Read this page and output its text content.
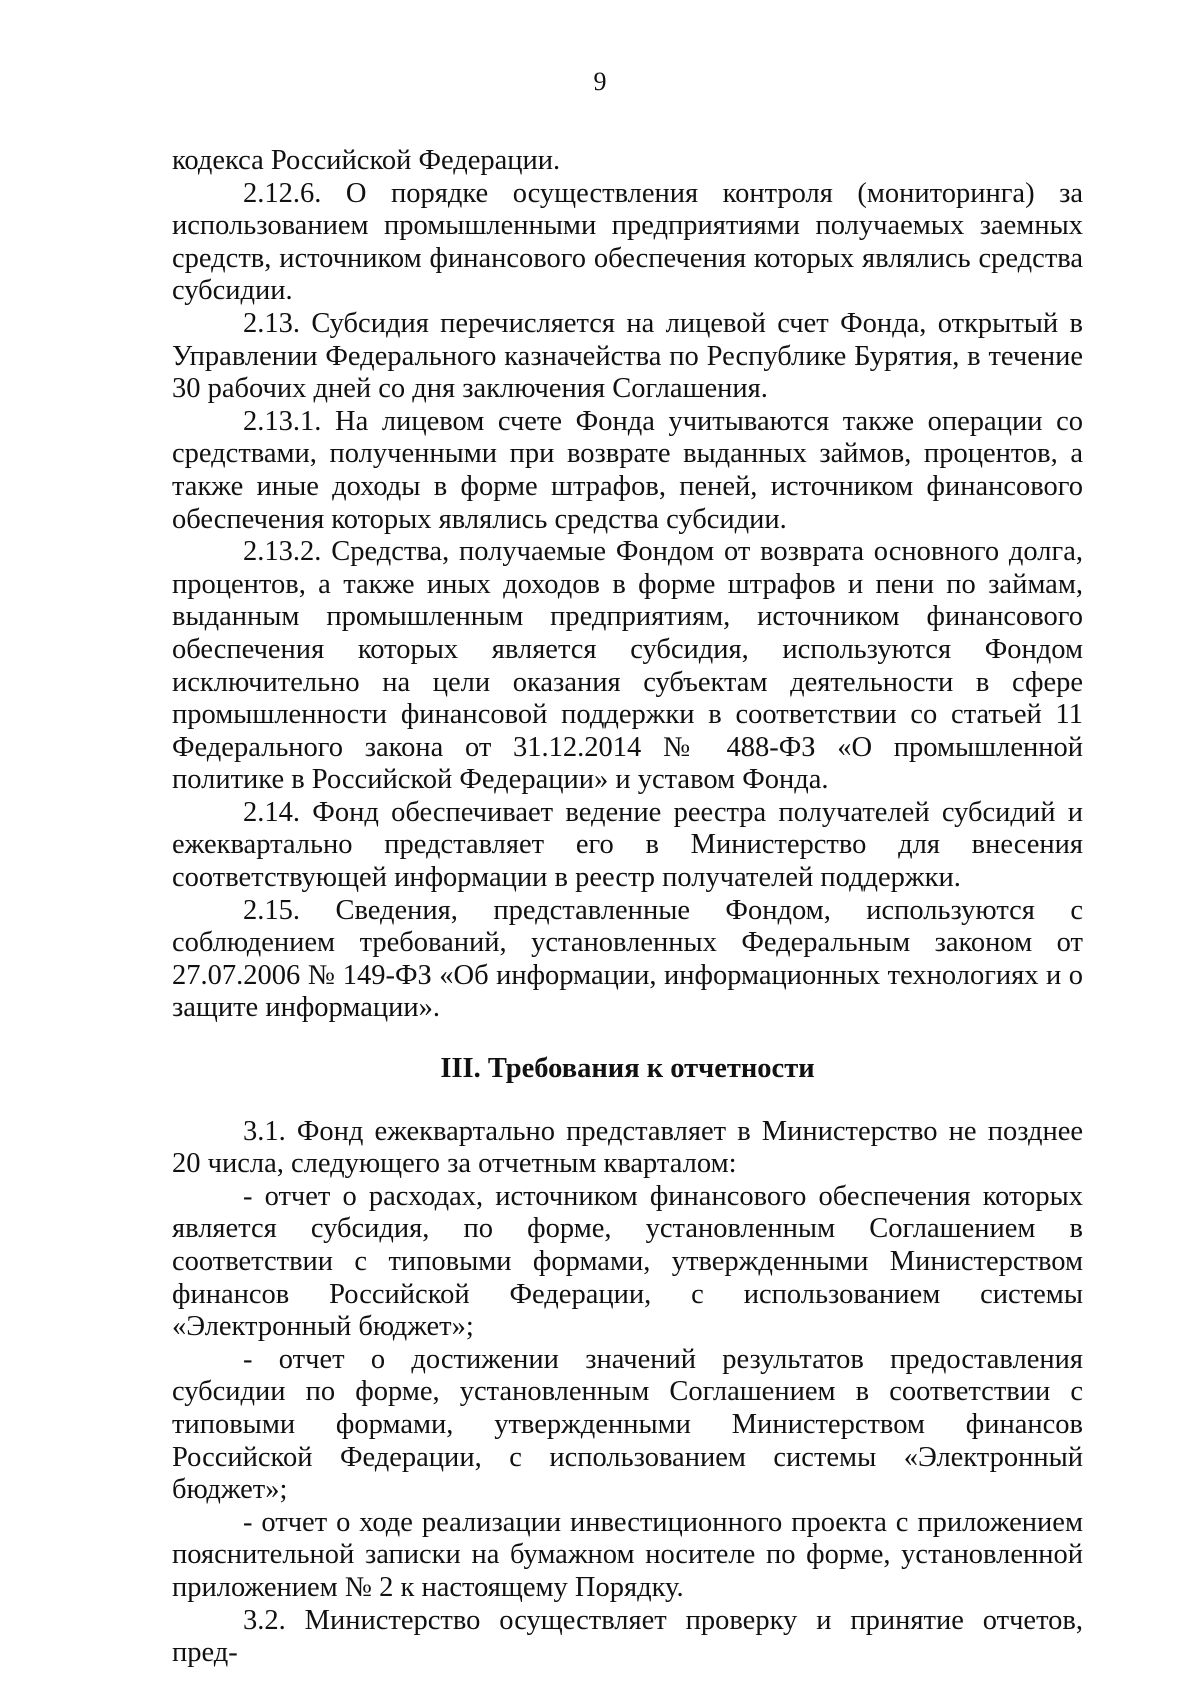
9

кодекса Российской Федерации.

2.12.6. О порядке осуществления контроля (мониторинга) за использованием промышленными предприятиями получаемых заемных средств, источником финансового обеспечения которых являлись средства субсидии.

2.13. Субсидия перечисляется на лицевой счет Фонда, открытый в Управлении Федерального казначейства по Республике Бурятия, в течение 30 рабочих дней со дня заключения Соглашения.

2.13.1. На лицевом счете Фонда учитываются также операции со средствами, полученными при возврате выданных займов, процентов, а также иные доходы в форме штрафов, пеней, источником финансового обеспечения которых являлись средства субсидии.

2.13.2. Средства, получаемые Фондом от возврата основного долга, процентов, а также иных доходов в форме штрафов и пени по займам, выданным промышленным предприятиям, источником финансового обеспечения которых является субсидия, используются Фондом исключительно на цели оказания субъектам деятельности в сфере промышленности финансовой поддержки в соответствии со статьей 11 Федерального закона от 31.12.2014 № 488-ФЗ «О промышленной политике в Российской Федерации» и уставом Фонда.

2.14. Фонд обеспечивает ведение реестра получателей субсидий и ежеквартально представляет его в Министерство для внесения соответствующей информации в реестр получателей поддержки.

2.15. Сведения, представленные Фондом, используются с соблюдением требований, установленных Федеральным законом от 27.07.2006 № 149-ФЗ «Об информации, информационных технологиях и о защите информации».

III. Требования к отчетности

3.1. Фонд ежеквартально представляет в Министерство не позднее 20 числа, следующего за отчетным кварталом:

- отчет о расходах, источником финансового обеспечения которых является субсидия, по форме, установленным Соглашением в соответствии с типовыми формами, утвержденными Министерством финансов Российской Федерации, с использованием системы «Электронный бюджет»;

- отчет о достижении значений результатов предоставления субсидии по форме, установленным Соглашением в соответствии с типовыми формами, утвержденными Министерством финансов Российской Федерации, с использованием системы «Электронный бюджет»;

- отчет о ходе реализации инвестиционного проекта с приложением пояснительной записки на бумажном носителе по форме, установленной приложением № 2 к настоящему Порядку.

3.2. Министерство осуществляет проверку и принятие отчетов, пред-
